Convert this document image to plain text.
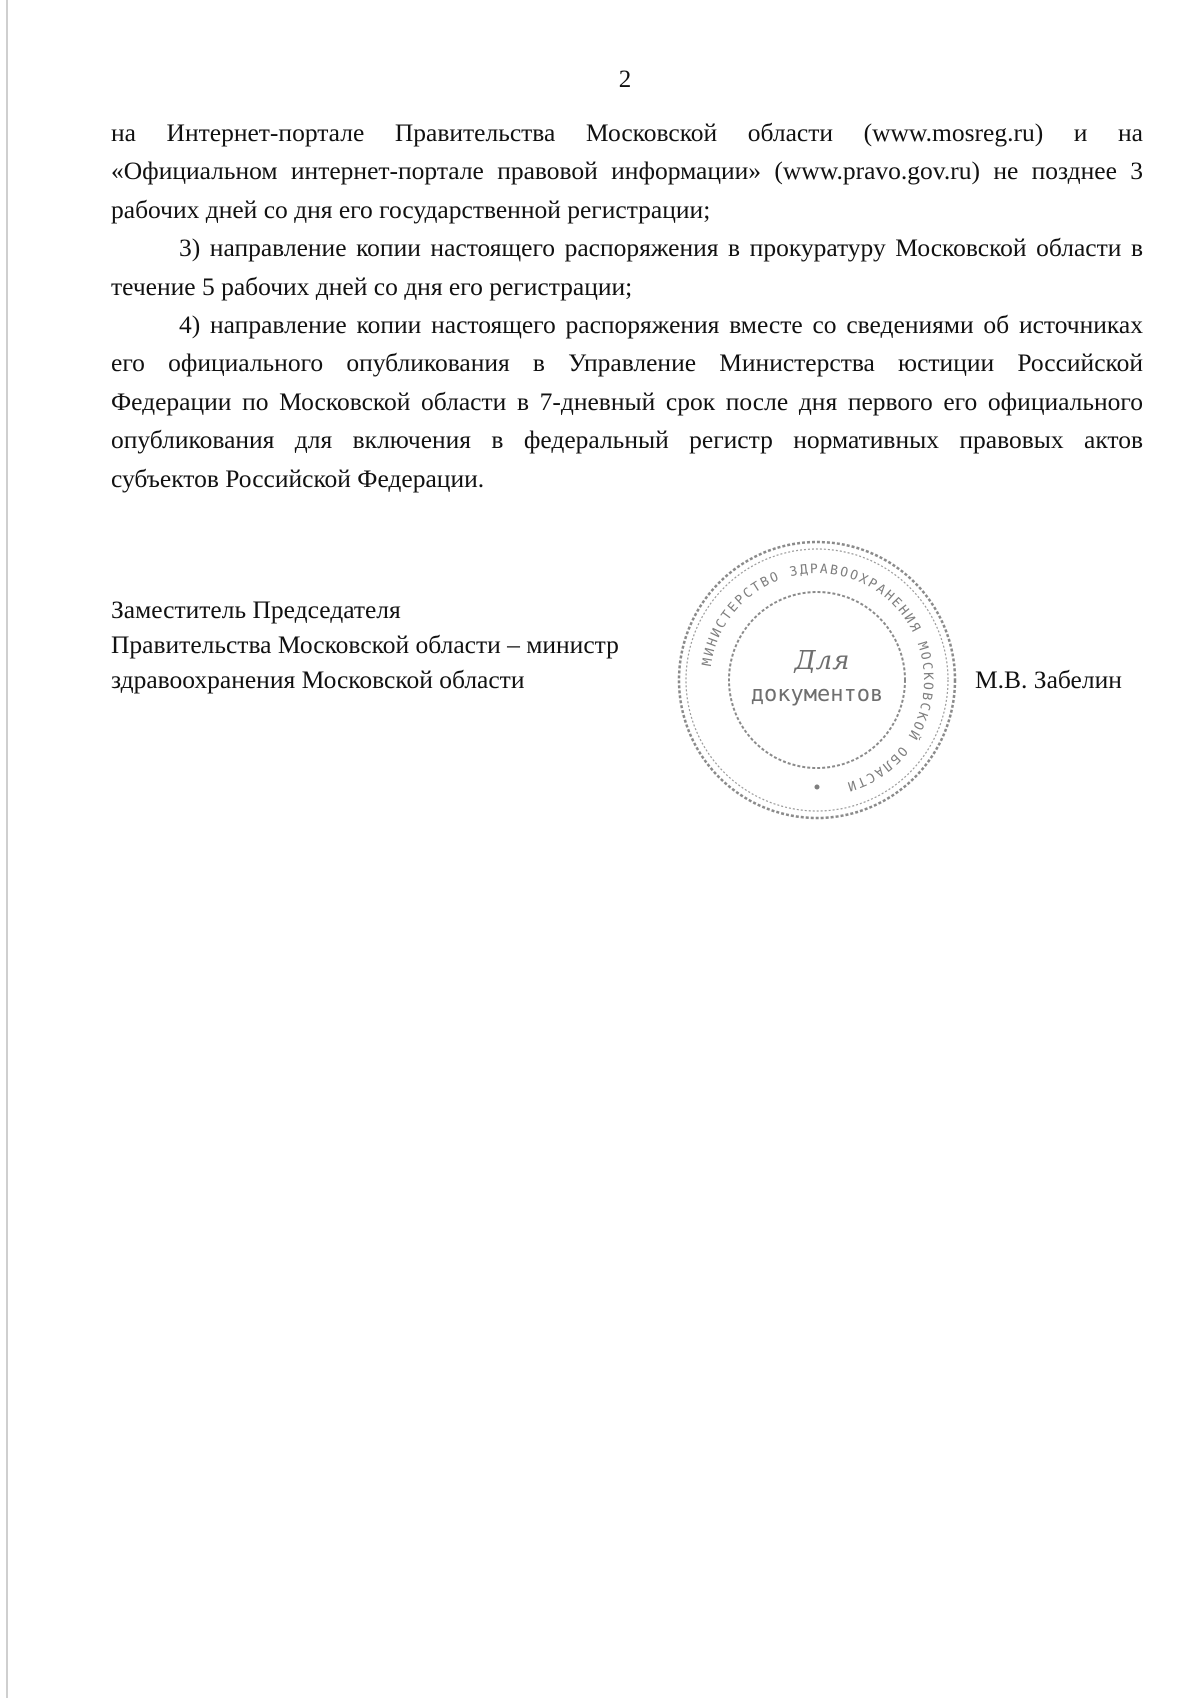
2

на Интернет-портале Правительства Московской области (www.mosreg.ru) и на «Официальном интернет-портале правовой информации» (www.pravo.gov.ru) не позднее 3 рабочих дней со дня его государственной регистрации;

3) направление копии настоящего распоряжения в прокуратуру Московской области в течение 5 рабочих дней со дня его регистрации;

4) направление копии настоящего распоряжения вместе со сведениями об источниках его официального опубликования в Управление Министерства юстиции Российской Федерации по Московской области в 7-дневный срок после дня первого его официального опубликования для включения в федеральный регистр нормативных правовых актов субъектов Российской Федерации.

Заместитель Председателя
Правительства Московской области – министр
здравоохранения Московской области
МИНИСТЕРСТВО ЗДРАВООХРАНЕНИЯ МОСКОВСКОЙ ОБЛАСТИ
Для
документов
М.В. Забелин
